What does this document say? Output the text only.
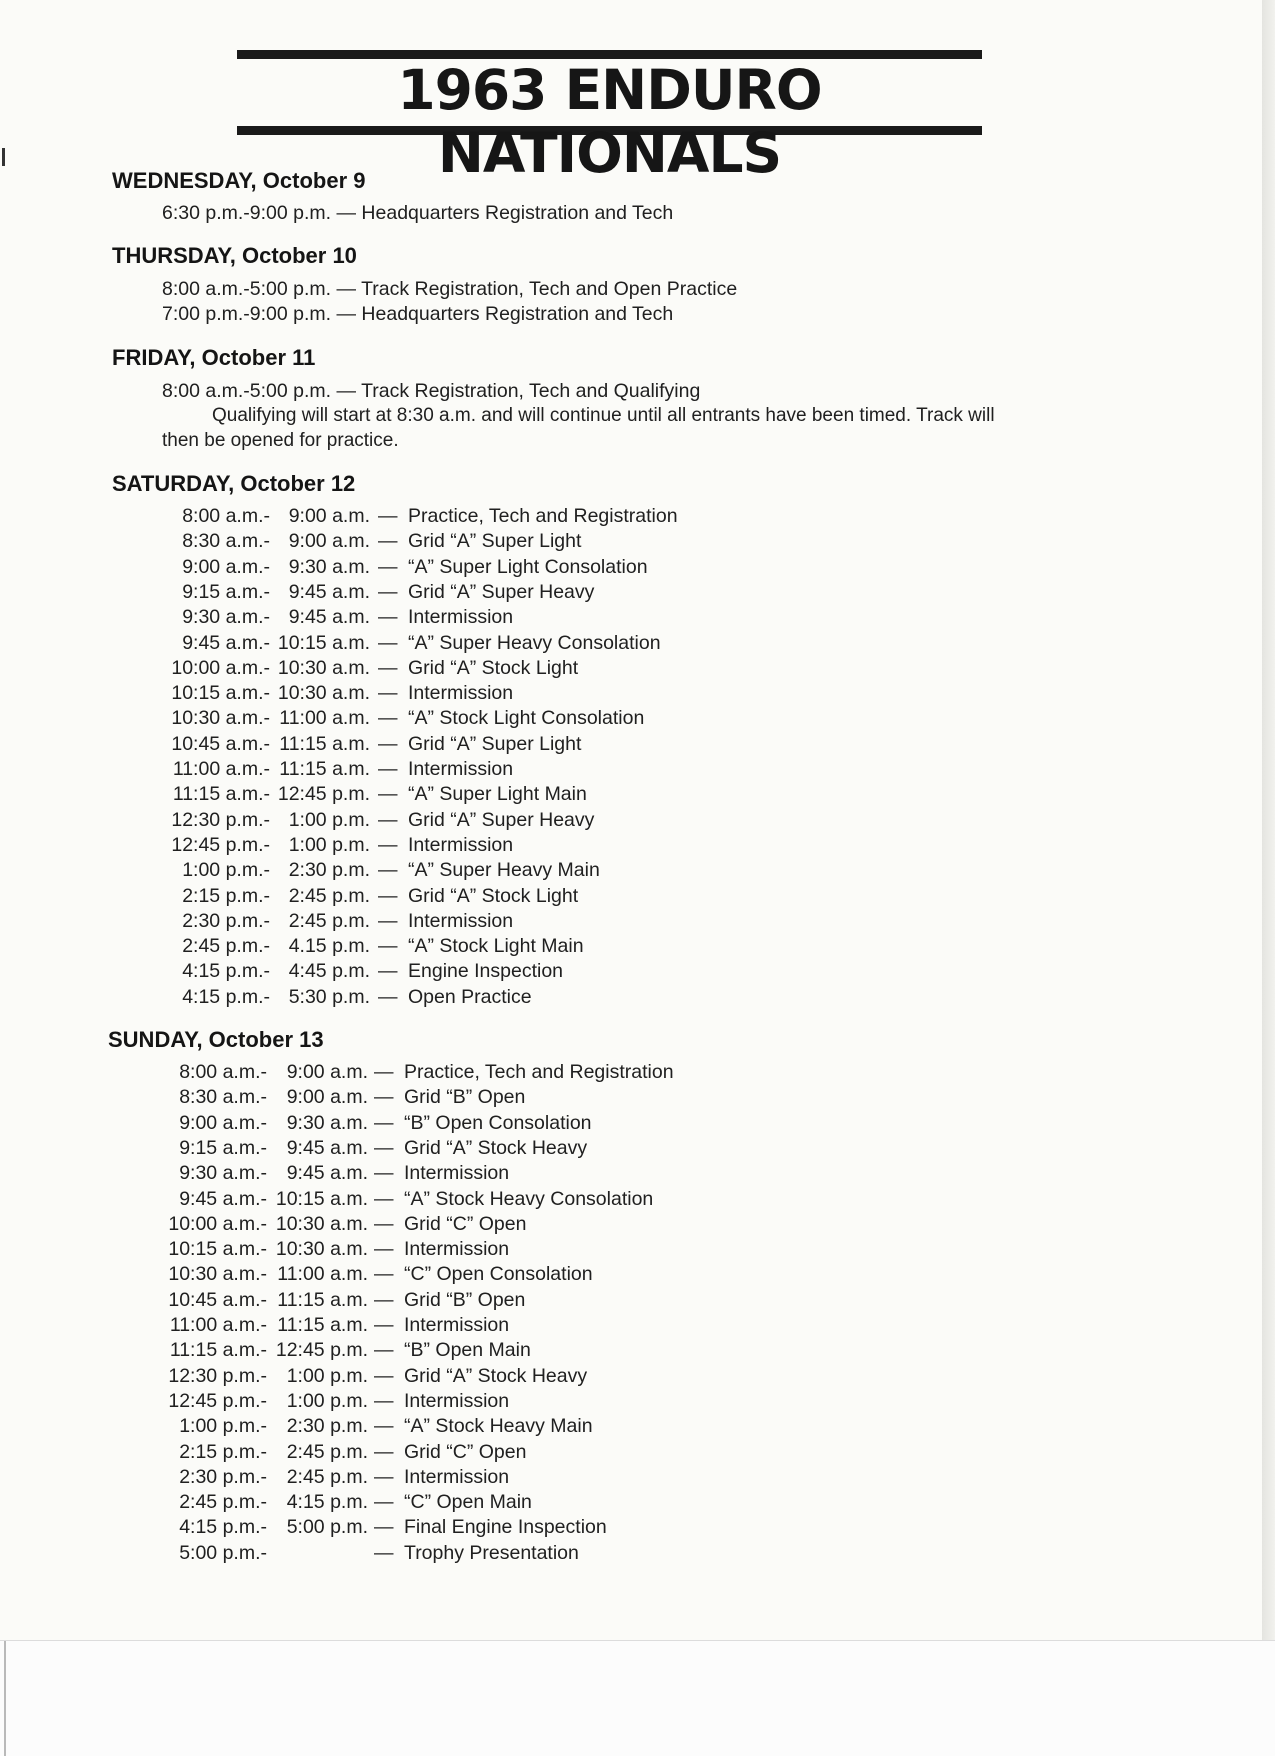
1963 ENDURO NATIONALS
WEDNESDAY, October 9
6:30 p.m.-9:00 p.m. — Headquarters Registration and Tech
THURSDAY, October 10
8:00 a.m.-5:00 p.m. — Track Registration, Tech and Open Practice
7:00 p.m.-9:00 p.m. — Headquarters Registration and Tech
FRIDAY, October 11
8:00 a.m.-5:00 p.m. — Track Registration, Tech and Qualifying
Qualifying will start at 8:30 a.m. and will continue until all entrants have been timed. Track will
then be opened for practice.
SATURDAY, October 12
8:00 a.m.- 9:00 a.m. — Practice, Tech and Registration
8:30 a.m.- 9:00 a.m. — Grid “A” Super Light
9:00 a.m.- 9:30 a.m. — “A” Super Light Consolation
9:15 a.m.- 9:45 a.m. — Grid “A” Super Heavy
9:30 a.m.- 9:45 a.m. — Intermission
9:45 a.m.- 10:15 a.m. — “A” Super Heavy Consolation
10:00 a.m.- 10:30 a.m. — Grid “A” Stock Light
10:15 a.m.- 10:30 a.m. — Intermission
10:30 a.m.- 11:00 a.m. — “A” Stock Light Consolation
10:45 a.m.- 11:15 a.m. — Grid “A” Super Light
11:00 a.m.- 11:15 a.m. — Intermission
11:15 a.m.- 12:45 p.m. — “A” Super Light Main
12:30 p.m.- 1:00 p.m. — Grid “A” Super Heavy
12:45 p.m.- 1:00 p.m. — Intermission
1:00 p.m.- 2:30 p.m. — “A” Super Heavy Main
2:15 p.m.- 2:45 p.m. — Grid “A” Stock Light
2:30 p.m.- 2:45 p.m. — Intermission
2:45 p.m.- 4.15 p.m. — “A” Stock Light Main
4:15 p.m.- 4:45 p.m. — Engine Inspection
4:15 p.m.- 5:30 p.m. — Open Practice
SUNDAY, October 13
8:00 a.m.- 9:00 a.m. — Practice, Tech and Registration
8:30 a.m.- 9:00 a.m. — Grid “B” Open
9:00 a.m.- 9:30 a.m. — “B” Open Consolation
9:15 a.m.- 9:45 a.m. — Grid “A” Stock Heavy
9:30 a.m.- 9:45 a.m. — Intermission
9:45 a.m.- 10:15 a.m. — “A” Stock Heavy Consolation
10:00 a.m.- 10:30 a.m. — Grid “C” Open
10:15 a.m.- 10:30 a.m. — Intermission
10:30 a.m.- 11:00 a.m. — “C” Open Consolation
10:45 a.m.- 11:15 a.m. — Grid “B” Open
11:00 a.m.- 11:15 a.m. — Intermission
11:15 a.m.- 12:45 p.m. — “B” Open Main
12:30 p.m.- 1:00 p.m. — Grid “A” Stock Heavy
12:45 p.m.- 1:00 p.m. — Intermission
1:00 p.m.- 2:30 p.m. — “A” Stock Heavy Main
2:15 p.m.- 2:45 p.m. — Grid “C” Open
2:30 p.m.- 2:45 p.m. — Intermission
2:45 p.m.- 4:15 p.m. — “C” Open Main
4:15 p.m.- 5:00 p.m. — Final Engine Inspection
5:00 p.m.-	— Trophy Presentation
